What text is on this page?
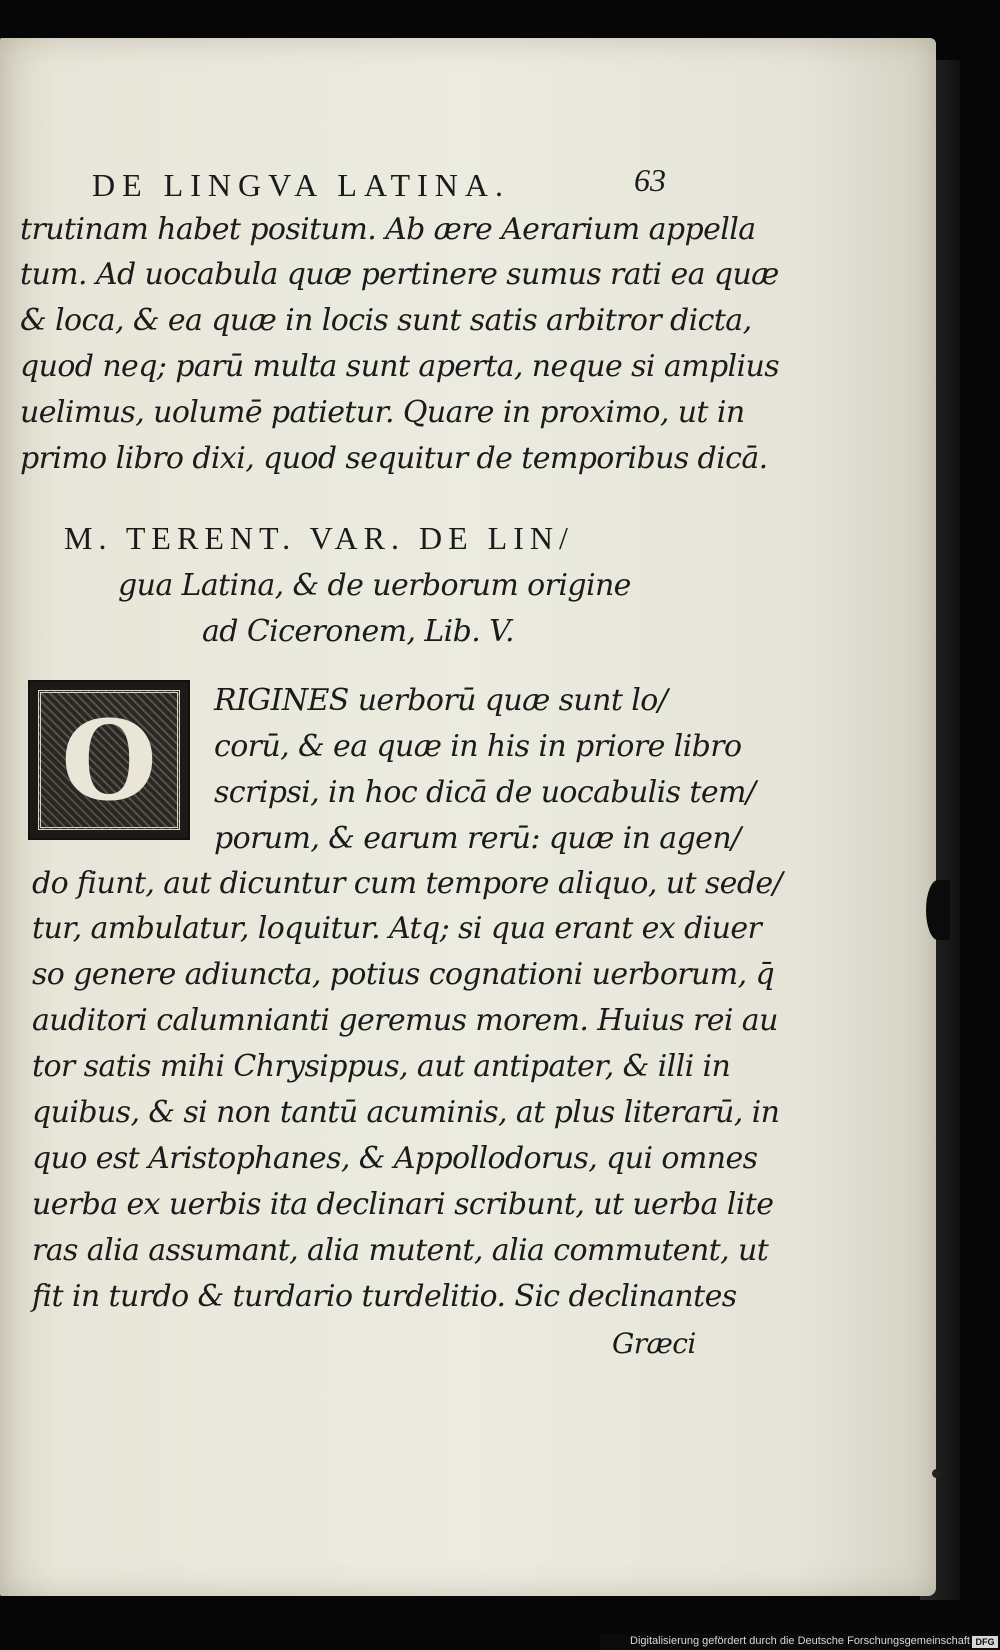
DE LINGVA LATINA.	63
trutinam habet positum. Ab ære Aerarium appella
tum. Ad uocabula quæ pertinere sumus rati ea quæ
& loca, & ea quæ in locis sunt satis arbitror dicta,
quod neq; parū multa sunt aperta, neque si amplius
uelimus, uolumē patietur. Quare in proximo, ut in
primo libro dixi, quod sequitur de temporibus dicā.
M. TERENT. VAR. DE LIN/
gua Latina, & de uerborum origine
ad Ciceronem, Lib. V.
O	RIGINES uerborū quæ sunt lo/
corū, & ea quæ in his in priore libro
scripsi, in hoc dicā de uocabulis tem/
porum, & earum rerū: quæ in agen/
do fiunt, aut dicuntur cum tempore aliquo, ut sede/
tur, ambulatur, loquitur. Atq; si qua erant ex diuer
so genere adiuncta, potius cognationi uerborum, q̄
auditori calumnianti geremus morem. Huius rei au
tor satis mihi Chrysippus, aut antipater, & illi in
quibus, & si non tantū acuminis, at plus literarū, in
quo est Aristophanes, & Appollodorus, qui omnes
uerba ex uerbis ita declinari scribunt, ut uerba lite
ras alia assumant, alia mutent, alia commutent, ut
fit in turdo & turdario turdelitio. Sic declinantes
Græci
Digitalisierung gefördert durch die Deutsche Forschungsgemeinschaft DFG
